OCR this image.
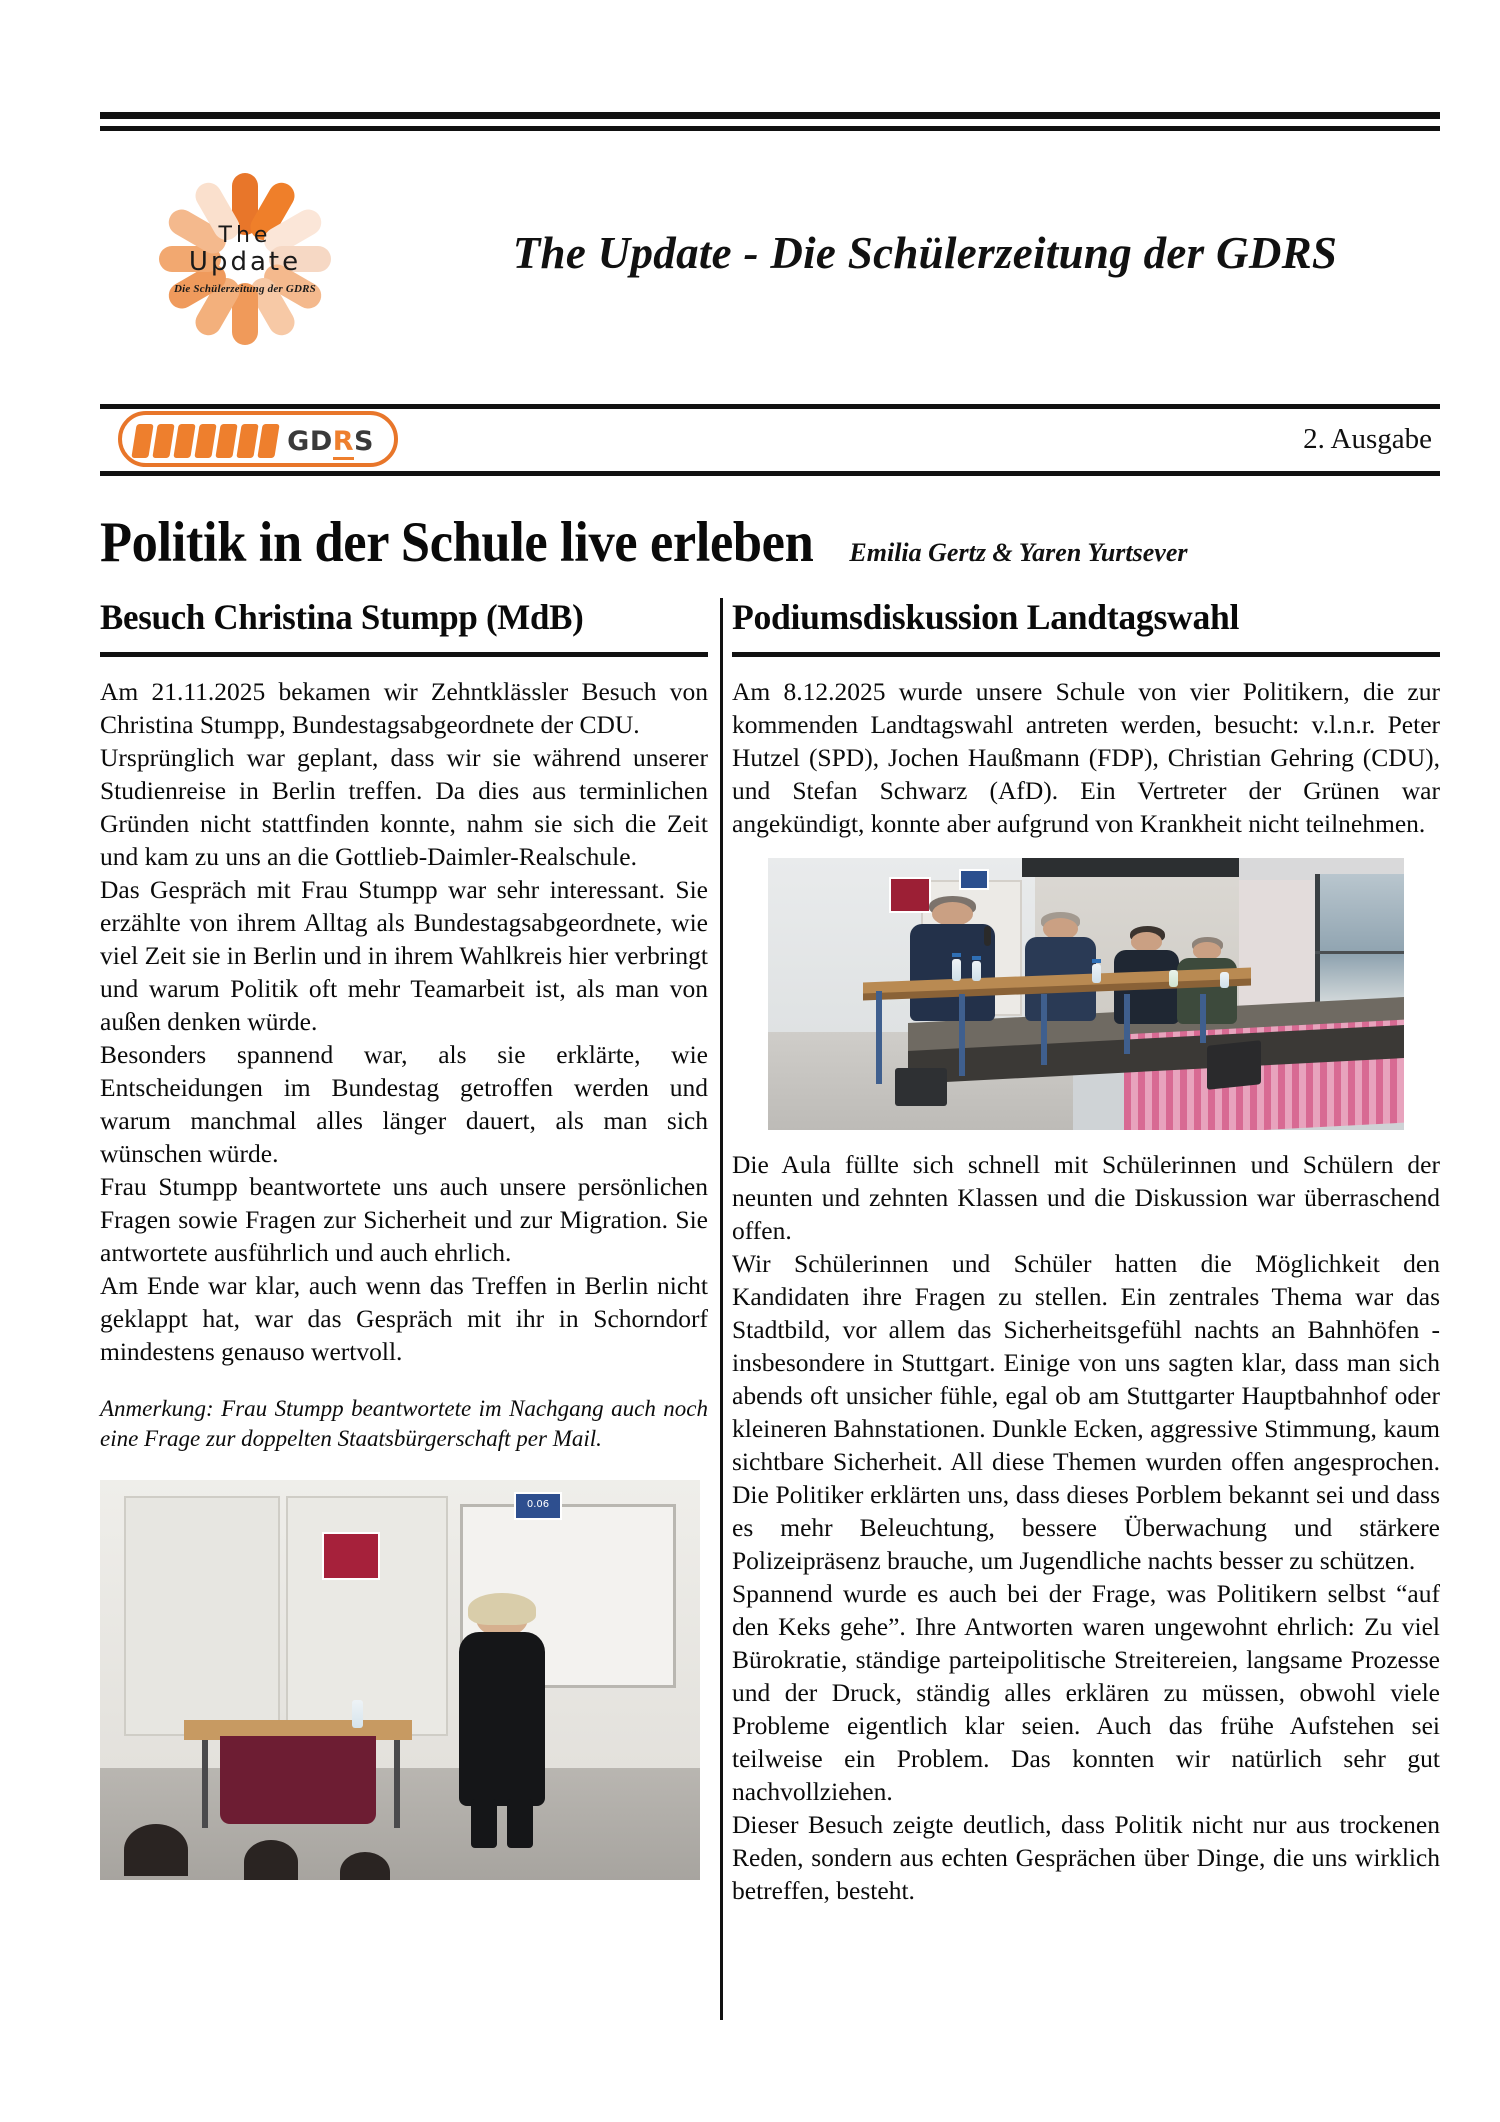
The
Update
Die Schülerzeitung der GDRS
The Update - Die Schülerzeitung der GDRS
GDRS	2. Ausgabe
Politik in der Schule live erleben Emilia Gertz & Yaren Yurtsever
Besuch Christina Stumpp (MdB)

Am 21.11.2025 bekamen wir Zehntklässler Besuch von Christina Stumpp, Bundestagsabgeordnete der CDU.

Ursprünglich war geplant, dass wir sie während unserer Studienreise in Berlin treffen. Da dies aus terminlichen Gründen nicht stattfinden konnte, nahm sie sich die Zeit und kam zu uns an die Gottlieb-Daimler-Realschule.

Das Gespräch mit Frau Stumpp war sehr interessant. Sie erzählte von ihrem Alltag als Bundestagsabgeordnete, wie viel Zeit sie in Berlin und in ihrem Wahlkreis hier verbringt und warum Politik oft mehr Teamarbeit ist, als man von außen denken würde.

Besonders spannend war, als sie erklärte, wie Entscheidungen im Bundestag getroffen werden und warum manchmal alles länger dauert, als man sich wünschen würde.

Frau Stumpp beantwortete uns auch unsere persönlichen Fragen sowie Fragen zur Sicherheit und zur Migration. Sie antwortete ausführlich und auch ehrlich.

Am Ende war klar, auch wenn das Treffen in Berlin nicht geklappt hat, war das Gespräch mit ihr in Schorndorf mindestens genauso wertvoll.

Anmerkung: Frau Stumpp beantwortete im Nachgang auch noch eine Frage zur doppelten Staatsbürgerschaft per Mail.
0.06
Podiumsdiskussion Landtagswahl

Am 8.12.2025 wurde unsere Schule von vier Politikern, die zur kommenden Landtagswahl antreten werden, besucht: v.l.n.r. Peter Hutzel (SPD), Jochen Haußmann (FDP), Christian Gehring (CDU), und Stefan Schwarz (AfD). Ein Vertreter der Grünen war angekündigt, konnte aber aufgrund von Krankheit nicht teilnehmen.

Die Aula füllte sich schnell mit Schülerinnen und Schülern der neunten und zehnten Klassen und die Diskussion war überraschend offen.

Wir Schülerinnen und Schüler hatten die Möglichkeit den Kandidaten ihre Fragen zu stellen. Ein zentrales Thema war das Stadtbild, vor allem das Sicherheitsgefühl nachts an Bahnhöfen - insbesondere in Stuttgart. Einige von uns sagten klar, dass man sich abends oft unsicher fühle, egal ob am Stuttgarter Hauptbahnhof oder kleineren Bahnstationen. Dunkle Ecken, aggressive Stimmung, kaum sichtbare Sicherheit. All diese Themen wurden offen angesprochen. Die Politiker erklärten uns, dass dieses Porblem bekannt sei und dass es mehr Beleuchtung, bessere Überwachung und stärkere Polizeipräsenz brauche, um Jugendliche nachts besser zu schützen.

Spannend wurde es auch bei der Frage, was Politikern selbst “auf den Keks gehe”. Ihre Antworten waren ungewohnt ehrlich: Zu viel Bürokratie, ständige parteipolitische Streitereien, langsame Prozesse und der Druck, ständig alles erklären zu müssen, obwohl viele Probleme eigentlich klar seien. Auch das frühe Aufstehen sei teilweise ein Problem. Das konnten wir natürlich sehr gut nachvollziehen.

Dieser Besuch zeigte deutlich, dass Politik nicht nur aus trockenen Reden, sondern aus echten Gesprächen über Dinge, die uns wirklich betreffen, besteht.
